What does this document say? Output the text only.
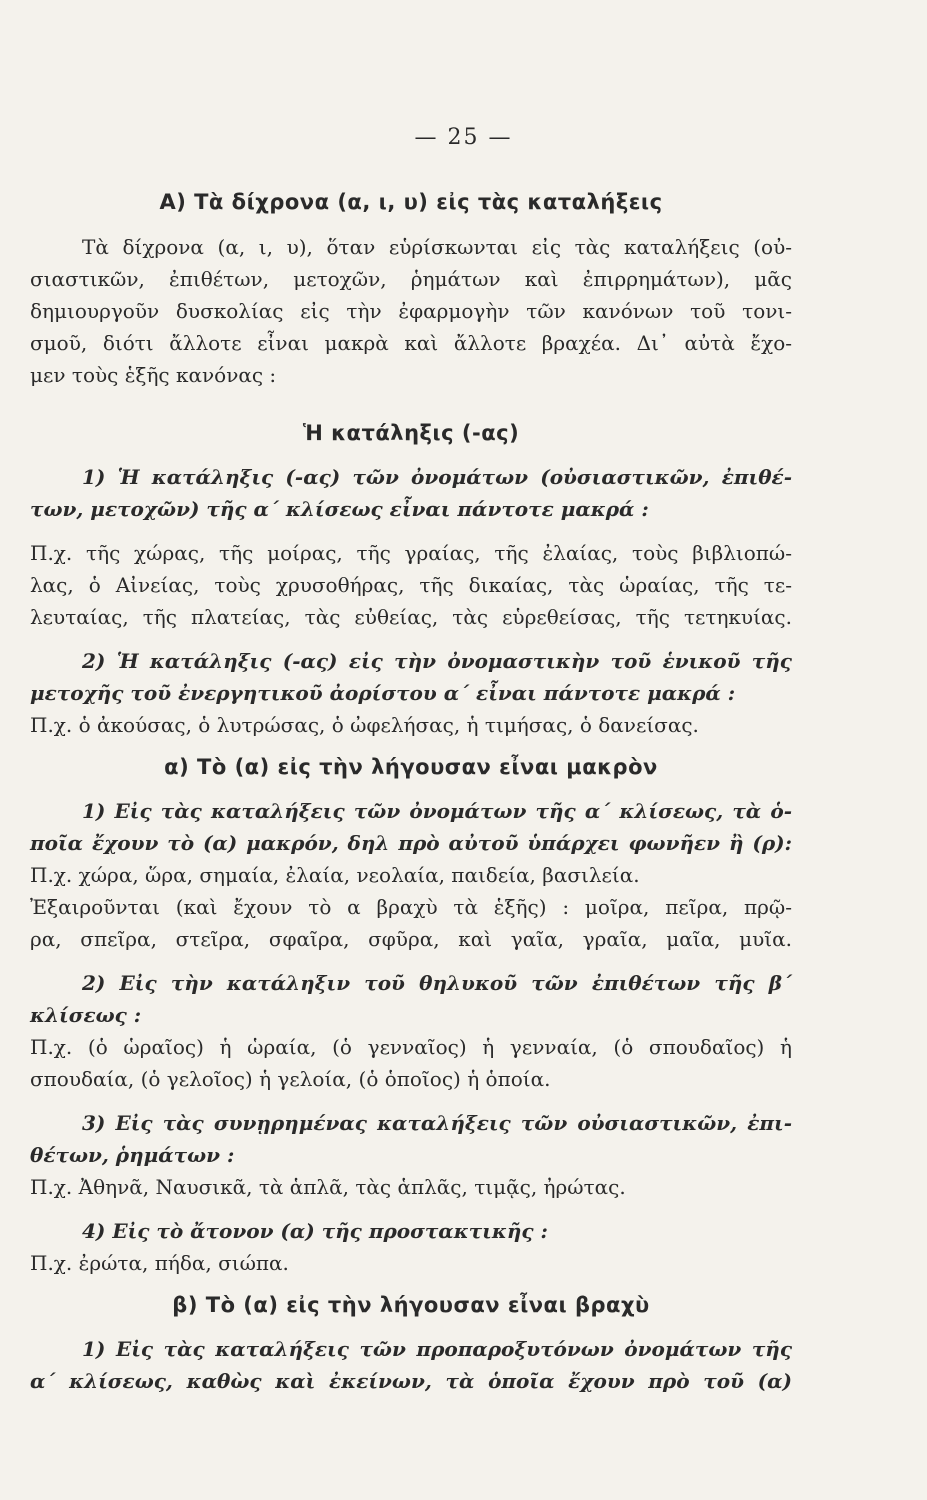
— 25 —
Α) Τὰ δίχρονα (α, ι, υ) εἰς τὰς καταλήξεις
Τὰ δίχρονα (α, ι, υ), ὅταν εὑρίσκωνται εἰς τὰς καταλήξεις (οὐ-
σιαστικῶν, ἐπιθέτων, μετοχῶν, ῥημάτων καὶ ἐπιρρημάτων), μᾶς
δημιουργοῦν δυσκολίας εἰς τὴν ἐφαρμογὴν τῶν κανόνων τοῦ τονι-
σμοῦ, διότι ἄλλοτε εἶναι μακρὰ καὶ ἄλλοτε βραχέα. Δι᾽ αὐτὰ ἔχο-
μεν τοὺς ἑξῆς κανόνας :
Ἡ κατάληξις (-ας)
1) Ἡ κατάληξις (-ας) τῶν ὀνομάτων (οὐσιαστικῶν, ἐπιθέ-
των, μετοχῶν) τῆς α΄ κλίσεως εἶναι πάντοτε μακρά :
Π.χ. τῆς χώρας, τῆς μοίρας, τῆς γραίας, τῆς ἐλαίας, τοὺς βιβλιοπώ-
λας, ὁ Αἰνείας, τοὺς χρυσοθήρας, τῆς δικαίας, τὰς ὡραίας, τῆς τε-
λευταίας, τῆς πλατείας, τὰς εὐθείας, τὰς εὑρεθείσας, τῆς τετηκυίας.
2) Ἡ κατάληξις (-ας) εἰς τὴν ὀνομαστικὴν τοῦ ἑνικοῦ τῆς
μετοχῆς τοῦ ἐνεργητικοῦ ἀορίστου α΄ εἶναι πάντοτε μακρά :
Π.χ. ὁ ἀκούσας, ὁ λυτρώσας, ὁ ὠφελήσας, ἡ τιμήσας, ὁ δανείσας.
α) Τὸ (α) εἰς τὴν λήγουσαν εἶναι μακρὸν
1) Εἰς τὰς καταλήξεις τῶν ὀνομάτων τῆς α΄ κλίσεως, τὰ ὁ-
ποῖα ἔχουν τὸ (α) μακρόν, δηλ πρὸ αὐτοῦ ὑπάρχει φωνῆεν ἢ (ρ):
Π.χ. χώρα, ὥρα, σημαία, ἐλαία, νεολαία, παιδεία, βασιλεία.
Ἐξαιροῦνται (καὶ ἔχουν τὸ α βραχὺ τὰ ἑξῆς) : μοῖρα, πεῖρα, πρῷ-
ρα, σπεῖρα, στεῖρα, σφαῖρα, σφῦρα, καὶ γαῖα, γραῖα, μαῖα, μυῖα.
2) Εἰς τὴν κατάληξιν τοῦ θηλυκοῦ τῶν ἐπιθέτων τῆς β΄
κλίσεως :
Π.χ. (ὁ ὡραῖος) ἡ ὡραία, (ὁ γενναῖος) ἡ γενναία, (ὁ σπουδαῖος) ἡ
σπουδαία, (ὁ γελοῖος) ἡ γελοία, (ὁ ὁποῖος) ἡ ὁποία.
3) Εἰς τὰς συνῃρημένας καταλήξεις τῶν οὐσιαστικῶν, ἐπι-
θέτων, ῥημάτων :
Π.χ. Ἀθηνᾶ, Ναυσικᾶ, τὰ ἁπλᾶ, τὰς ἁπλᾶς, τιμᾷς, ἠρώτας.
4) Εἰς τὸ ἄτονον (α) τῆς προστακτικῆς :
Π.χ. ἐρώτα, πήδα, σιώπα.
β) Τὸ (α) εἰς τὴν λήγουσαν εἶναι βραχὺ
1) Εἰς τὰς καταλήξεις τῶν προπαροξυτόνων ὀνομάτων τῆς
α΄ κλίσεως, καθὼς καὶ ἐκείνων, τὰ ὁποῖα ἔχουν πρὸ τοῦ (α)
